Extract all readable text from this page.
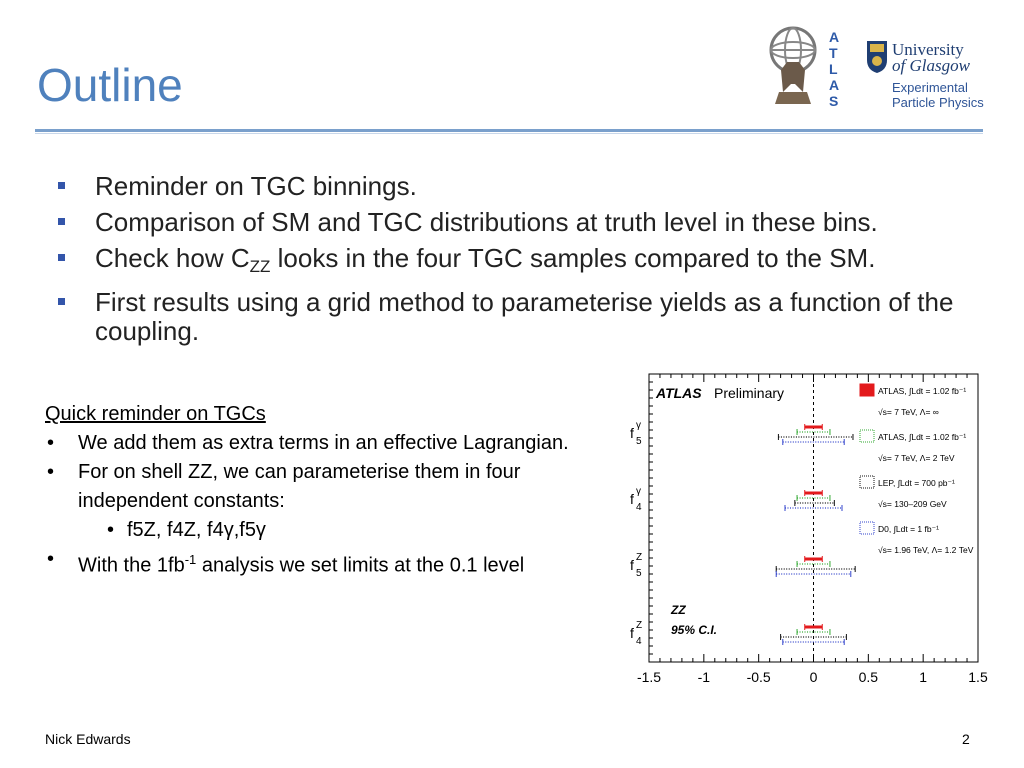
Outline
A
T
L
A
S
University
of Glasgow
Experimental
Particle Physics
Reminder on TGC binnings.
Comparison of SM and TGC distributions at truth level in these bins.
Check how $C_{ZZ}$ looks in the four TGC samples compared to the SM.
First results using a grid method to parameterise yields as a function of the coupling.
-1.5	-1	-0.5	0	0.5	1	1.5
ATLAS Preliminary
ZZ
95% C.I.
f γ
5
f γ
4
f Z
5
f Z
4
ATLAS, ∫Ldt = 1.02 fb⁻¹
√s= 7 TeV, Λ= ∞
ATLAS, ∫Ldt = 1.02 fb⁻¹
√s= 7 TeV, Λ= 2 TeV
LEP, ∫Ldt = 700 pb⁻¹
√s= 130–209 GeV
D0, ∫Ldt = 1 fb⁻¹
√s= 1.96 TeV, Λ= 1.2 TeV
Quick reminder on TGCs
• We add them as extra terms in an effective Lagrangian.
• For on shell ZZ, we can parameterise them in four independent constants:
• f5Z, f4Z, f4γ,f5γ
• With the $1fb^{-1}$ analysis we set limits at the 0.1 level
Nick Edwards	2
